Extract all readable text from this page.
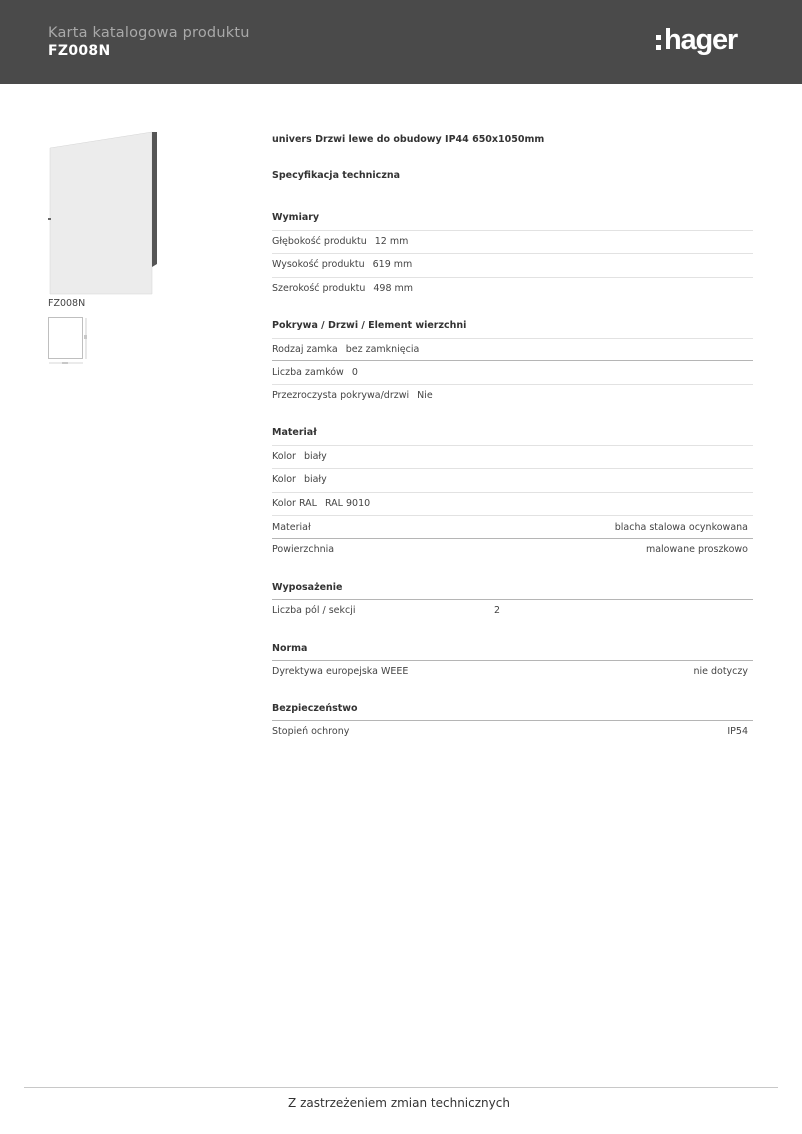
Karta katalogowa produktu
FZ008N	hager
FZ008N
univers Drzwi lewe do obudowy IP44 650x1050mm
Specyfikacja techniczna
Wymiary
Głębokość produktu 12 mm
Wysokość produktu 619 mm
Szerokość produktu 498 mm
Pokrywa / Drzwi / Element wierzchni
Rodzaj zamka bez zamknięcia
Liczba zamków 0
Przezroczysta pokrywa/drzwi Nie
Materiał
Kolor biały
Kolor biały
Kolor RAL RAL 9010
Materiał	blacha stalowa ocynkowana
Powierzchnia	malowane proszkowo
Wyposażenie
Liczba pól / sekcji	2
Norma
Dyrektywa europejska WEEE	nie dotyczy
Bezpieczeństwo
Stopień ochrony	IP54
Z zastrzeżeniem zmian technicznych
